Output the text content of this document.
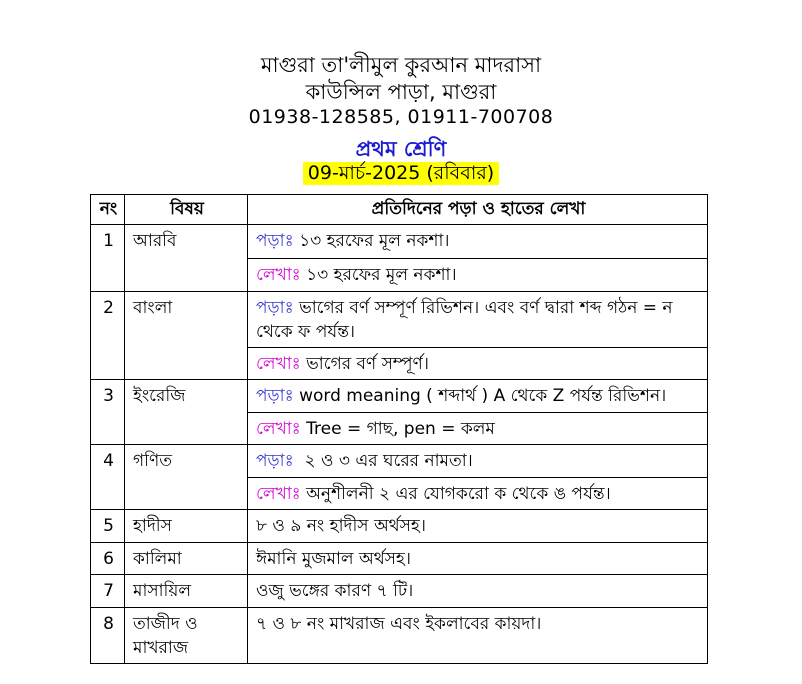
মাগুরা তা'লীমুল কুরআন মাদরাসা

কাউন্সিল পাড়া, মাগুরা

01938-128585, 01911-700708

প্রথম শ্রেণি

09-মার্চ-2025 (রবিবার)

নং	বিষয়	প্রতিদিনের পড়া ও হাতের লেখা
1	আরবি	পড়াঃ ১৩ হরফের মূল নকশা।
		লেখাঃ ১৩ হরফের মূল নকশা।
2	বাংলা	পড়াঃ ভাগের বর্ণ সম্পূর্ণ রিভিশন। এবং বর্ণ দ্বারা শব্দ গঠন = ন থেকে ফ পর্যন্ত।
		লেখাঃ ভাগের বর্ণ সম্পূর্ণ।
3	ইংরেজি	পড়াঃ word meaning ( শব্দার্থ ) A থেকে Z পর্যন্ত রিভিশন।
		লেখাঃ Tree = গাছ, pen = কলম
4	গণিত	পড়াঃ ২ ও ৩ এর ঘরের নামতা।
		লেখাঃ অনুশীলনী ২ এর যোগকরো ক থেকে ঙ পর্যন্ত।
5	হাদীস	৮ ও ৯ নং হাদীস অর্থসহ।
6	কালিমা	ঈমানি মুজমাল অর্থসহ।
7	মাসায়িল	ওজু ভঙ্গের কারণ ৭ টি।
8	তাজীদ ও মাখরাজ	৭ ও ৮ নং মাখরাজ এবং ইকলাবের কায়দা।
